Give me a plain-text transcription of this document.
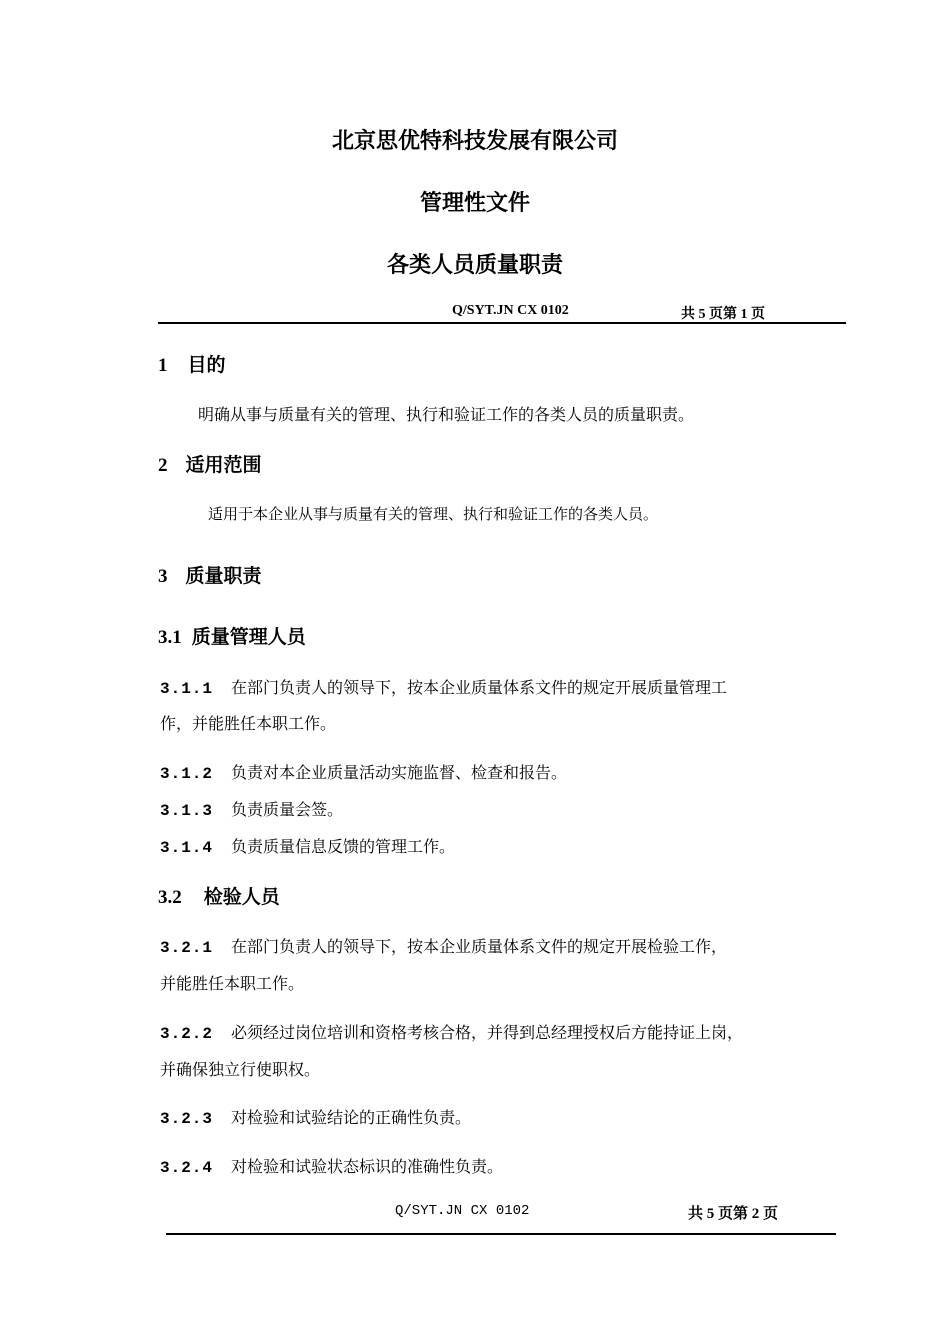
北京思优特科技发展有限公司
管理性文件
各类人员质量职责
Q/SYT.JN CX 0102	共 5 页第 1 页
1 目的
明确从事与质量有关的管理、执行和验证工作的各类人员的质量职责。
2 适用范围
适用于本企业从事与质量有关的管理、执行和验证工作的各类人员。
3 质量职责
3.1 质量管理人员
3.1.1 在部门负责人的领导下，按本企业质量体系文件的规定开展质量管理工
作，并能胜任本职工作。
3.1.2 负责对本企业质量活动实施监督、检查和报告。
3.1.3 负责质量会签。
3.1.4 负责质量信息反馈的管理工作。
3.2 检验人员
3.2.1 在部门负责人的领导下，按本企业质量体系文件的规定开展检验工作，
并能胜任本职工作。
3.2.2 必须经过岗位培训和资格考核合格，并得到总经理授权后方能持证上岗，
并确保独立行使职权。
3.2.3 对检验和试验结论的正确性负责。
3.2.4 对检验和试验状态标识的准确性负责。
Q/SYT.JN CX 0102	共 5 页第 2 页
